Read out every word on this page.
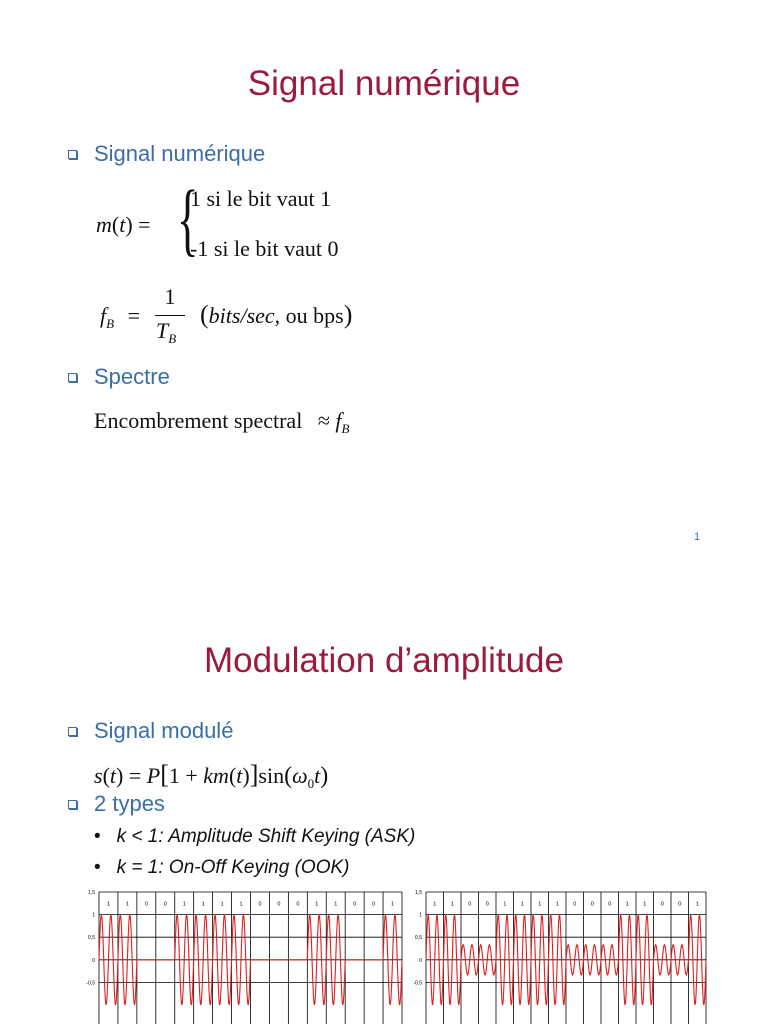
Signal numérique
Signal numérique
m(t) = {
1 si le bit vaut 1
-1 si le bit vaut 0
$f_B$ =
1
$T_B$
(bits/sec, ou bps)
Spectre
Encombrement spectral ≈ $f_B$
1
Modulation d’amplitude
Signal modulé
$s(t) = P[1 + km(t)]\sin(\omega_0t)$
2 types
• k < 1: Amplitude Shift Keying (ASK)
• k = 1: On-Off Keying (OOK)
1,5
1
0,5
0
-0,5
1	1	0	0	1	1	1	1	0	0	0	1	1	0	0	1
1,5
1
0,5
0
-0,5
1	1	0	0	1	1	1	1	0	0	0	1	1	0	0	1
